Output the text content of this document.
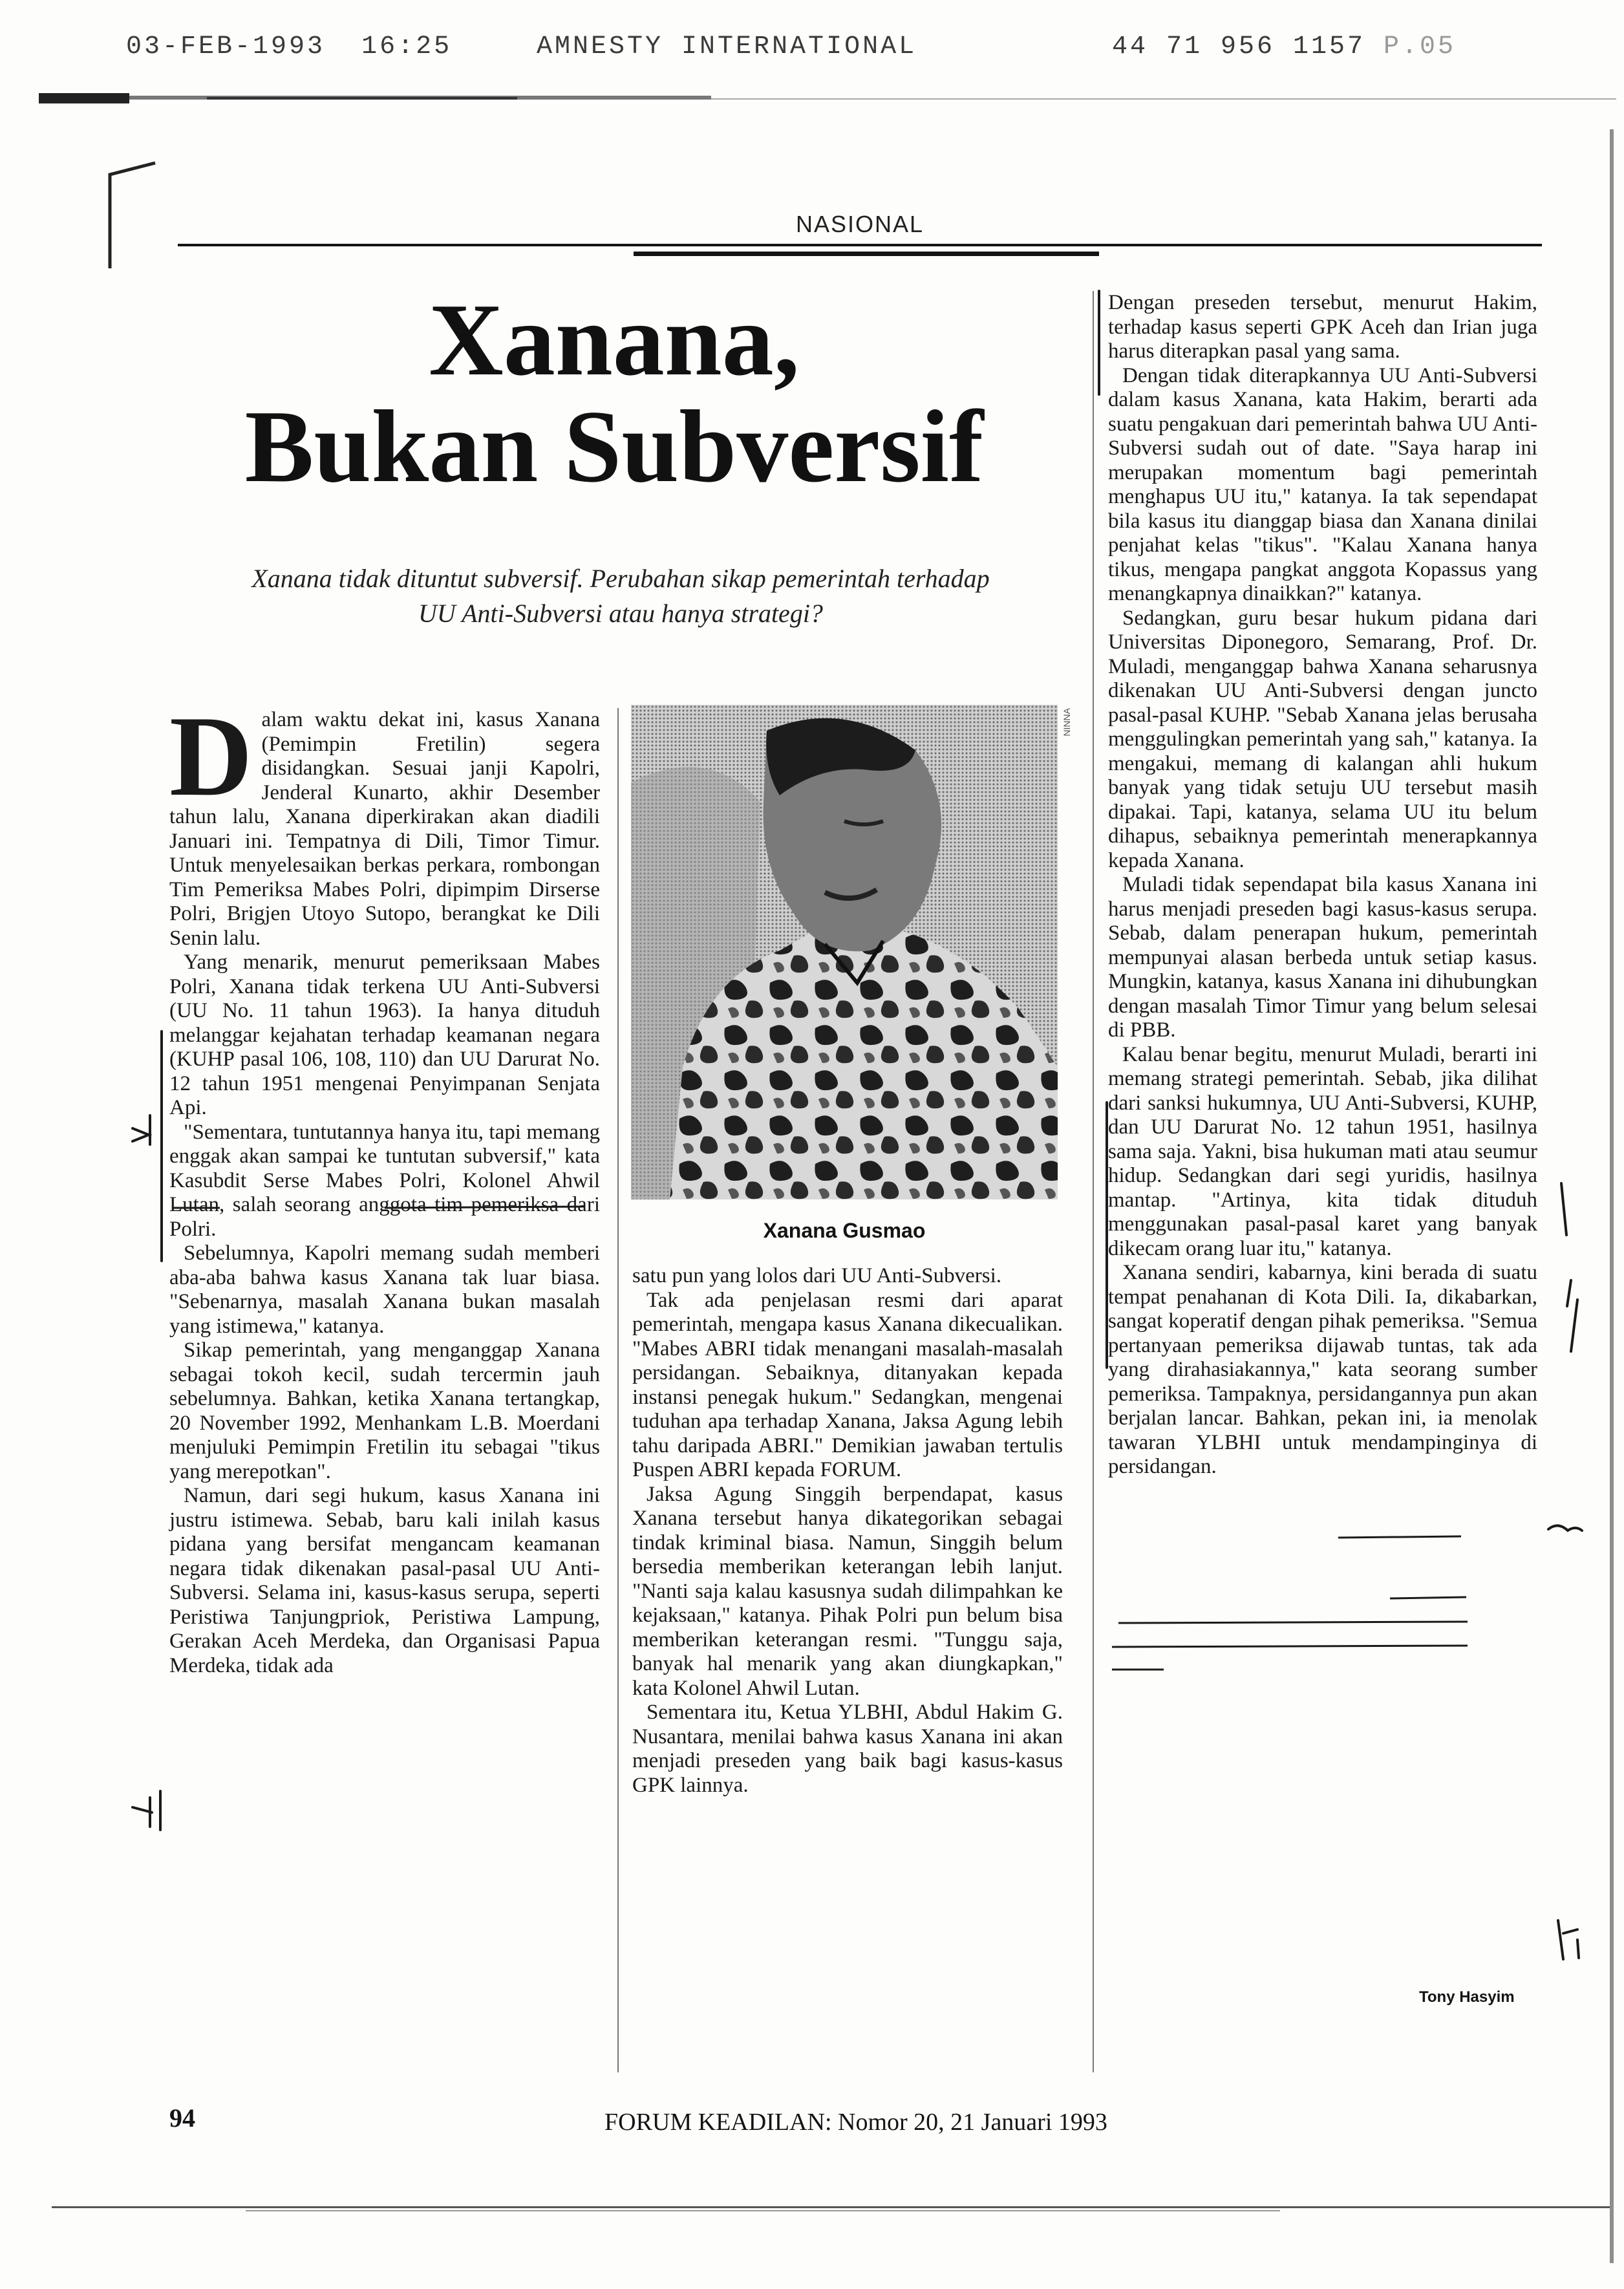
03-FEB-1993 16:25	AMNESTY INTERNATIONAL	44 71 956 1157 P.05
NASIONAL
Xanana,
Bukan Subversif
Xanana tidak dituntut subversif. Perubahan sikap pemerintah terhadap
UU Anti-Subversi atau hanya strategi?

Dalam waktu dekat ini, kasus Xanana (Pemimpin Fretilin) segera disidangkan. Sesuai janji Kapolri, Jenderal Kunarto, akhir Desember tahun lalu, Xanana diperkirakan akan diadili Januari ini. Tempatnya di Dili, Timor Timur. Untuk menyelesaikan berkas perkara, rombongan Tim Pemeriksa Mabes Polri, dipimpim Dirserse Polri, Brigjen Utoyo Sutopo, berangkat ke Dili Senin lalu.

Yang menarik, menurut pemeriksaan Mabes Polri, Xanana tidak terkena UU Anti-Subversi (UU No. 11 tahun 1963). Ia hanya dituduh melanggar kejahatan terhadap keamanan negara (KUHP pasal 106, 108, 110) dan UU Darurat No. 12 tahun 1951 mengenai Penyimpanan Senjata Api.

"Sementara, tuntutannya hanya itu, tapi memang enggak akan sampai ke tuntutan subversif," kata Kasubdit Serse Mabes Polri, Kolonel Ahwil Lutan, salah seorang anggota tim pemeriksa dari Polri.

Sebelumnya, Kapolri memang sudah memberi aba-aba bahwa kasus Xanana tak luar biasa. "Sebenarnya, masalah Xanana bukan masalah yang istimewa," katanya.

Sikap pemerintah, yang menganggap Xanana sebagai tokoh kecil, sudah tercermin jauh sebelumnya. Bahkan, ketika Xanana tertangkap, 20 November 1992, Menhankam L.B. Moerdani menjuluki Pemimpin Fretilin itu sebagai "tikus yang merepotkan".

Namun, dari segi hukum, kasus Xanana ini justru istimewa. Sebab, baru kali inilah kasus pidana yang bersifat mengancam keamanan negara tidak dikenakan pasal-pasal UU Anti-Subversi. Selama ini, kasus-kasus serupa, seperti Peristiwa Tanjungpriok, Peristiwa Lampung, Gerakan Aceh Merdeka, dan Organisasi Papua Merdeka, tidak ada

NINNA
Xanana Gusmao

satu pun yang lolos dari UU Anti-Subversi.

Tak ada penjelasan resmi dari aparat pemerintah, mengapa kasus Xanana dikecualikan. "Mabes ABRI tidak menangani masalah-masalah persidangan. Sebaiknya, ditanyakan kepada instansi penegak hukum." Sedangkan, mengenai tuduhan apa terhadap Xanana, Jaksa Agung lebih tahu daripada ABRI." Demikian jawaban tertulis Puspen ABRI kepada FORUM.

Jaksa Agung Singgih berpendapat, kasus Xanana tersebut hanya dikategorikan sebagai tindak kriminal biasa. Namun, Singgih belum bersedia memberikan keterangan lebih lanjut. "Nanti saja kalau kasusnya sudah dilimpahkan ke kejaksaan," katanya. Pihak Polri pun belum bisa memberikan keterangan resmi. "Tunggu saja, banyak hal menarik yang akan diungkapkan," kata Kolonel Ahwil Lutan.

Sementara itu, Ketua YLBHI, Abdul Hakim G. Nusantara, menilai bahwa kasus Xanana ini akan menjadi preseden yang baik bagi kasus-kasus GPK lainnya.

Dengan preseden tersebut, menurut Hakim, terhadap kasus seperti GPK Aceh dan Irian juga harus diterapkan pasal yang sama.

Dengan tidak diterapkannya UU Anti-Subversi dalam kasus Xanana, kata Hakim, berarti ada suatu pengakuan dari pemerintah bahwa UU Anti-Subversi sudah out of date. "Saya harap ini merupakan momentum bagi pemerintah menghapus UU itu," katanya. Ia tak sependapat bila kasus itu dianggap biasa dan Xanana dinilai penjahat kelas "tikus". "Kalau Xanana hanya tikus, mengapa pangkat anggota Kopassus yang menangkapnya dinaikkan?" katanya.

Sedangkan, guru besar hukum pidana dari Universitas Diponegoro, Semarang, Prof. Dr. Muladi, menganggap bahwa Xanana seharusnya dikenakan UU Anti-Subversi dengan juncto pasal-pasal KUHP. "Sebab Xanana jelas berusaha menggulingkan pemerintah yang sah," katanya. Ia mengakui, memang di kalangan ahli hukum banyak yang tidak setuju UU tersebut masih dipakai. Tapi, katanya, selama UU itu belum dihapus, sebaiknya pemerintah menerapkannya kepada Xanana.

Muladi tidak sependapat bila kasus Xanana ini harus menjadi preseden bagi kasus-kasus serupa. Sebab, dalam penerapan hukum, pemerintah mempunyai alasan berbeda untuk setiap kasus. Mungkin, katanya, kasus Xanana ini dihubungkan dengan masalah Timor Timur yang belum selesai di PBB.

Kalau benar begitu, menurut Muladi, berarti ini memang strategi pemerintah. Sebab, jika dilihat dari sanksi hukumnya, UU Anti-Subversi, KUHP, dan UU Darurat No. 12 tahun 1951, hasilnya sama saja. Yakni, bisa hukuman mati atau seumur hidup. Sedangkan dari segi yuridis, hasilnya mantap. "Artinya, kita tidak dituduh menggunakan pasal-pasal karet yang banyak dikecam orang luar itu," katanya.

Xanana sendiri, kabarnya, kini berada di suatu tempat penahanan di Kota Dili. Ia, dikabarkan, sangat koperatif dengan pihak pemeriksa. "Semua pertanyaan pemeriksa dijawab tuntas, tak ada yang dirahasiakannya," kata seorang sumber pemeriksa. Tampaknya, persidangannya pun akan berjalan lancar. Bahkan, pekan ini, ia menolak tawaran YLBHI untuk mendampinginya di persidangan.

Tony Hasyim
94	FORUM KEADILAN: Nomor 20, 21 Januari 1993
